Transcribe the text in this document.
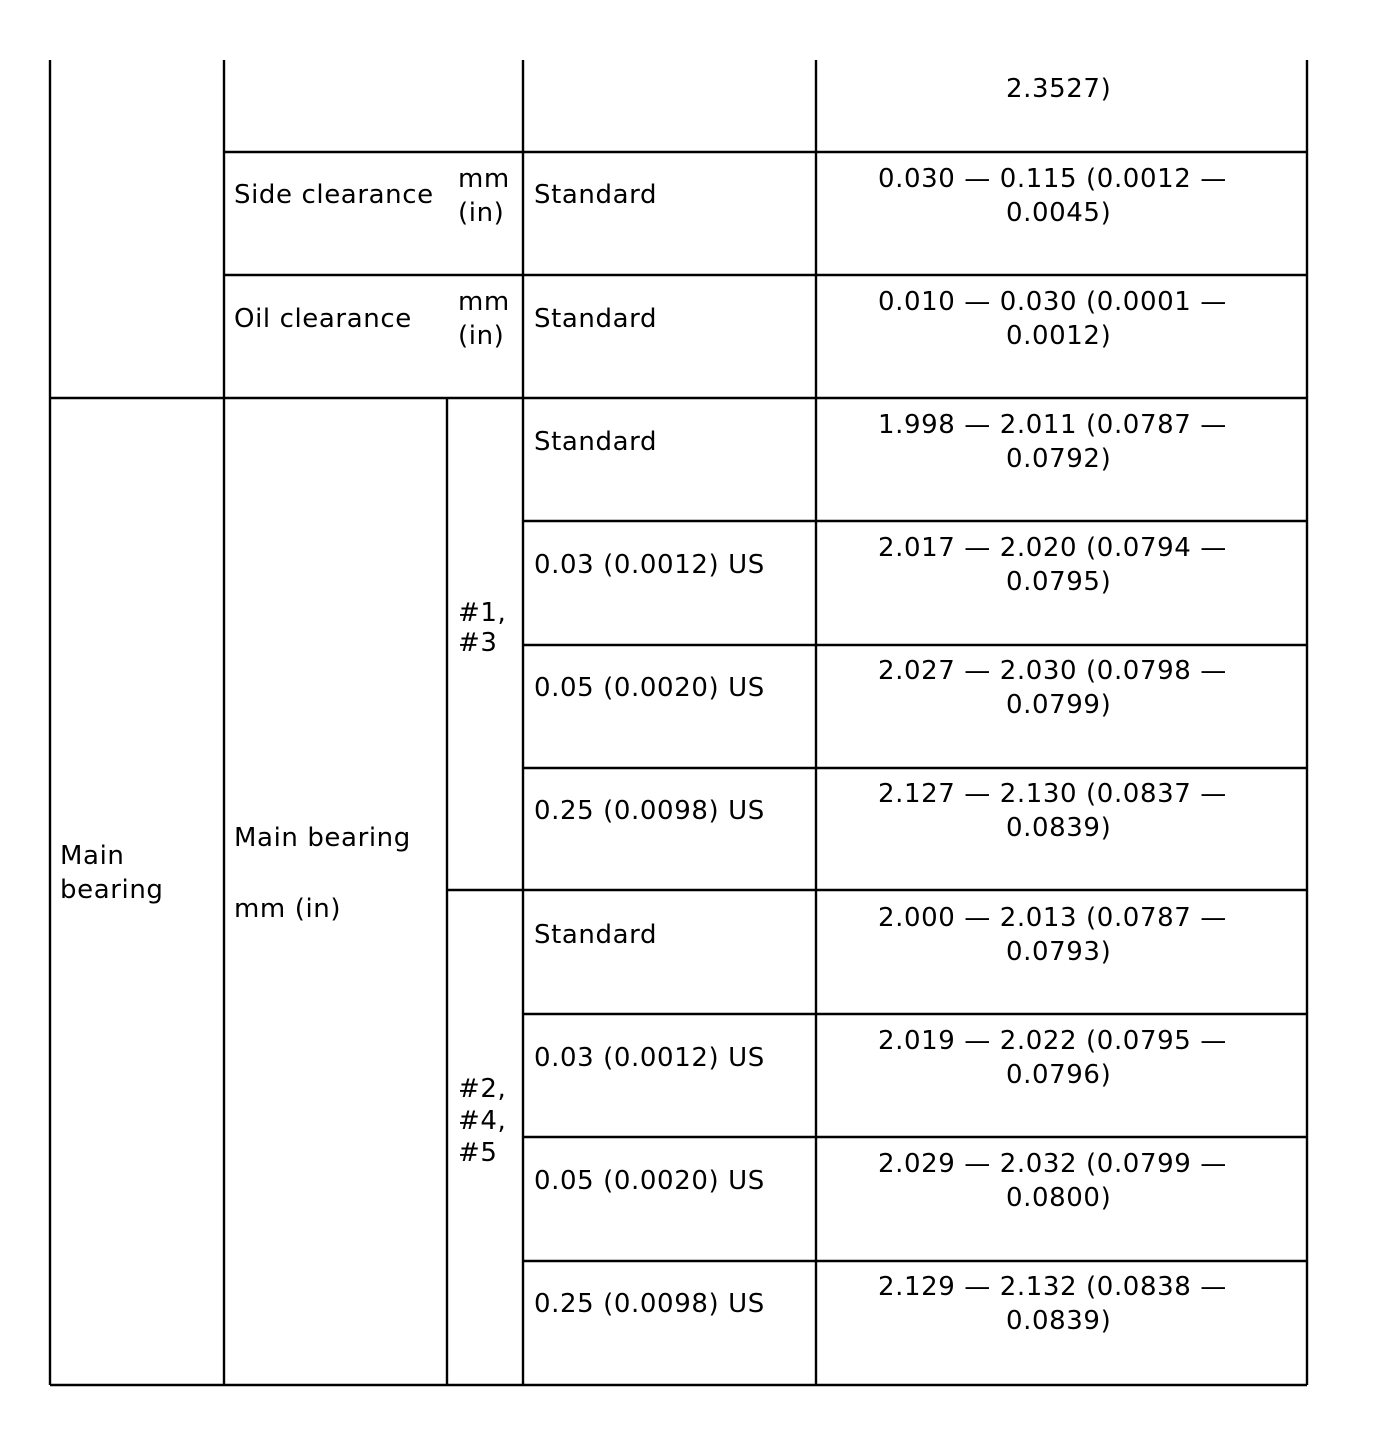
2.3527)
Side clearance
mm
(in)
Standard
0.030 — 0.115 (0.0012 —
0.0045)
Oil clearance
mm
(in)
Standard
0.010 — 0.030 (0.0001 —
0.0012)
Main
bearing
Main bearing
mm (in)
#1,
#3
Standard
1.998 — 2.011 (0.0787 —
0.0792)
0.03 (0.0012) US
2.017 — 2.020 (0.0794 —
0.0795)
0.05 (0.0020) US
2.027 — 2.030 (0.0798 —
0.0799)
0.25 (0.0098) US
2.127 — 2.130 (0.0837 —
0.0839)
#2,
#4,
#5
Standard
2.000 — 2.013 (0.0787 —
0.0793)
0.03 (0.0012) US
2.019 — 2.022 (0.0795 —
0.0796)
0.05 (0.0020) US
2.029 — 2.032 (0.0799 —
0.0800)
0.25 (0.0098) US
2.129 — 2.132 (0.0838 —
0.0839)
